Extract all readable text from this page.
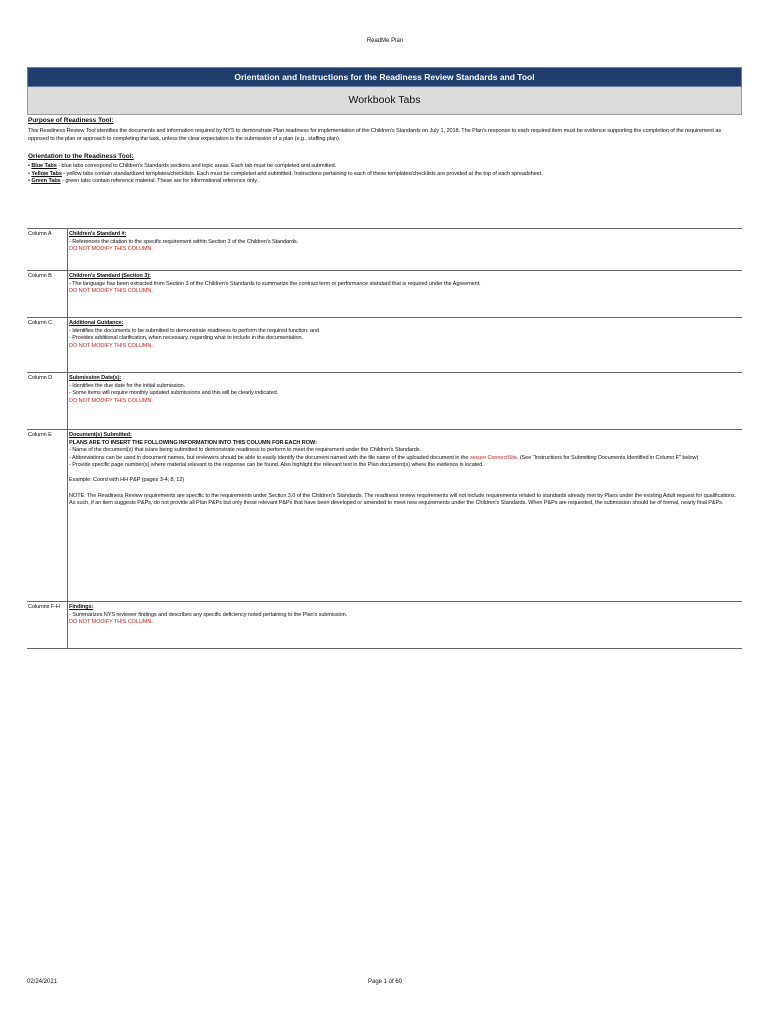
ReadMe Plan
Orientation and Instructions for the Readiness Review Standards and Tool
Workbook Tabs
Purpose of Readiness Tool:
This Readiness Review Tool identifies the documents and information required by NYS to demonstrate Plan readiness for implementation of the Children's Standards on July 1, 2018. The Plan's response to each required item must be evidence supporting the completion of the requirement as opposed to the plan or approach to completing the task, unless the clear expectation is the submission of a plan (e.g., staffing plan).
Orientation to the Readiness Tool:
• Blue Tabs - blue tabs correspond to Children's Standards sections and topic areas. Each tab must be completed and submitted.
• Yellow Tabs - yellow tabs contain standardized templates/checklists. Each must be completed and submitted. Instructions pertaining to each of these templates/checklists are provided at the top of each spreadsheet.
• Green Tabs - green tabs contain reference material. These are for informational reference only.
Column A	Children's Standard #:
- References the citation to the specific requirement within Section 3 of the Children's Standards.
DO NOT MODIFY THIS COLUMN.
Column B	Children's Standard (Section 3):
- The language has been extracted from Section 3 of the Children's Standards to summarize the contract term or performance standard that is required under the Agreement.
DO NOT MODIFY THIS COLUMN.
Column C	Additional Guidance:
- Identifies the documents to be submitted to demonstrate readiness to perform the required function; and
- Provides additional clarification, when necessary, regarding what to include in the documentation.
DO NOT MODIFY THIS COLUMN.
Column D	Submission Date(s):
- Identifies the due date for the initial submission.
- Some items will require monthly updated submissions and this will be clearly indicated.
DO NOT MODIFY THIS COLUMN.
Column E	Document(s) Submitted:
PLANS ARE TO INSERT THE FOLLOWING INFORMATION INTO THIS COLUMN FOR EACH ROW:
- Name of the document(s) that is/are being submitted to demonstrate readiness to perform to meet the requirement under the Children's Standards.
- Abbreviations can be used in document names, but reviewers should be able to easily identify the document named with the file name of the uploaded document in the secure ConnectSite. (See "Instructions for Submitting Documents Identified in Column F" below)
- Provide specific page number(s) where material relevant to the response can be found. Also highlight the relevant text in the Plan document(s) where the evidence is located.
Example: Coord with HH P&P (pages 3-4; 8, 12)
NOTE: The Readiness Review requirements are specific to the requirements under Section 3.0 of the Children's Standards. The readiness review requirements will not include requirements related to standards already met by Plans under the existing Adult request for qualifications. As such, if an item suggests P&Ps, do not provide all Plan P&Ps but only those relevant P&Ps that have been developed or amended to meet new requirements under the Children's Standards. When P&Ps are requested, the submission should be of formal, nearly final P&Ps.
Columns F-H	Findings:
- Summarizes NYS reviewer findings and describes any specific deficiency noted pertaining to the Plan's submission.
DO NOT MODIFY THIS COLUMN.
02/24/2021	Page 1 of 60
